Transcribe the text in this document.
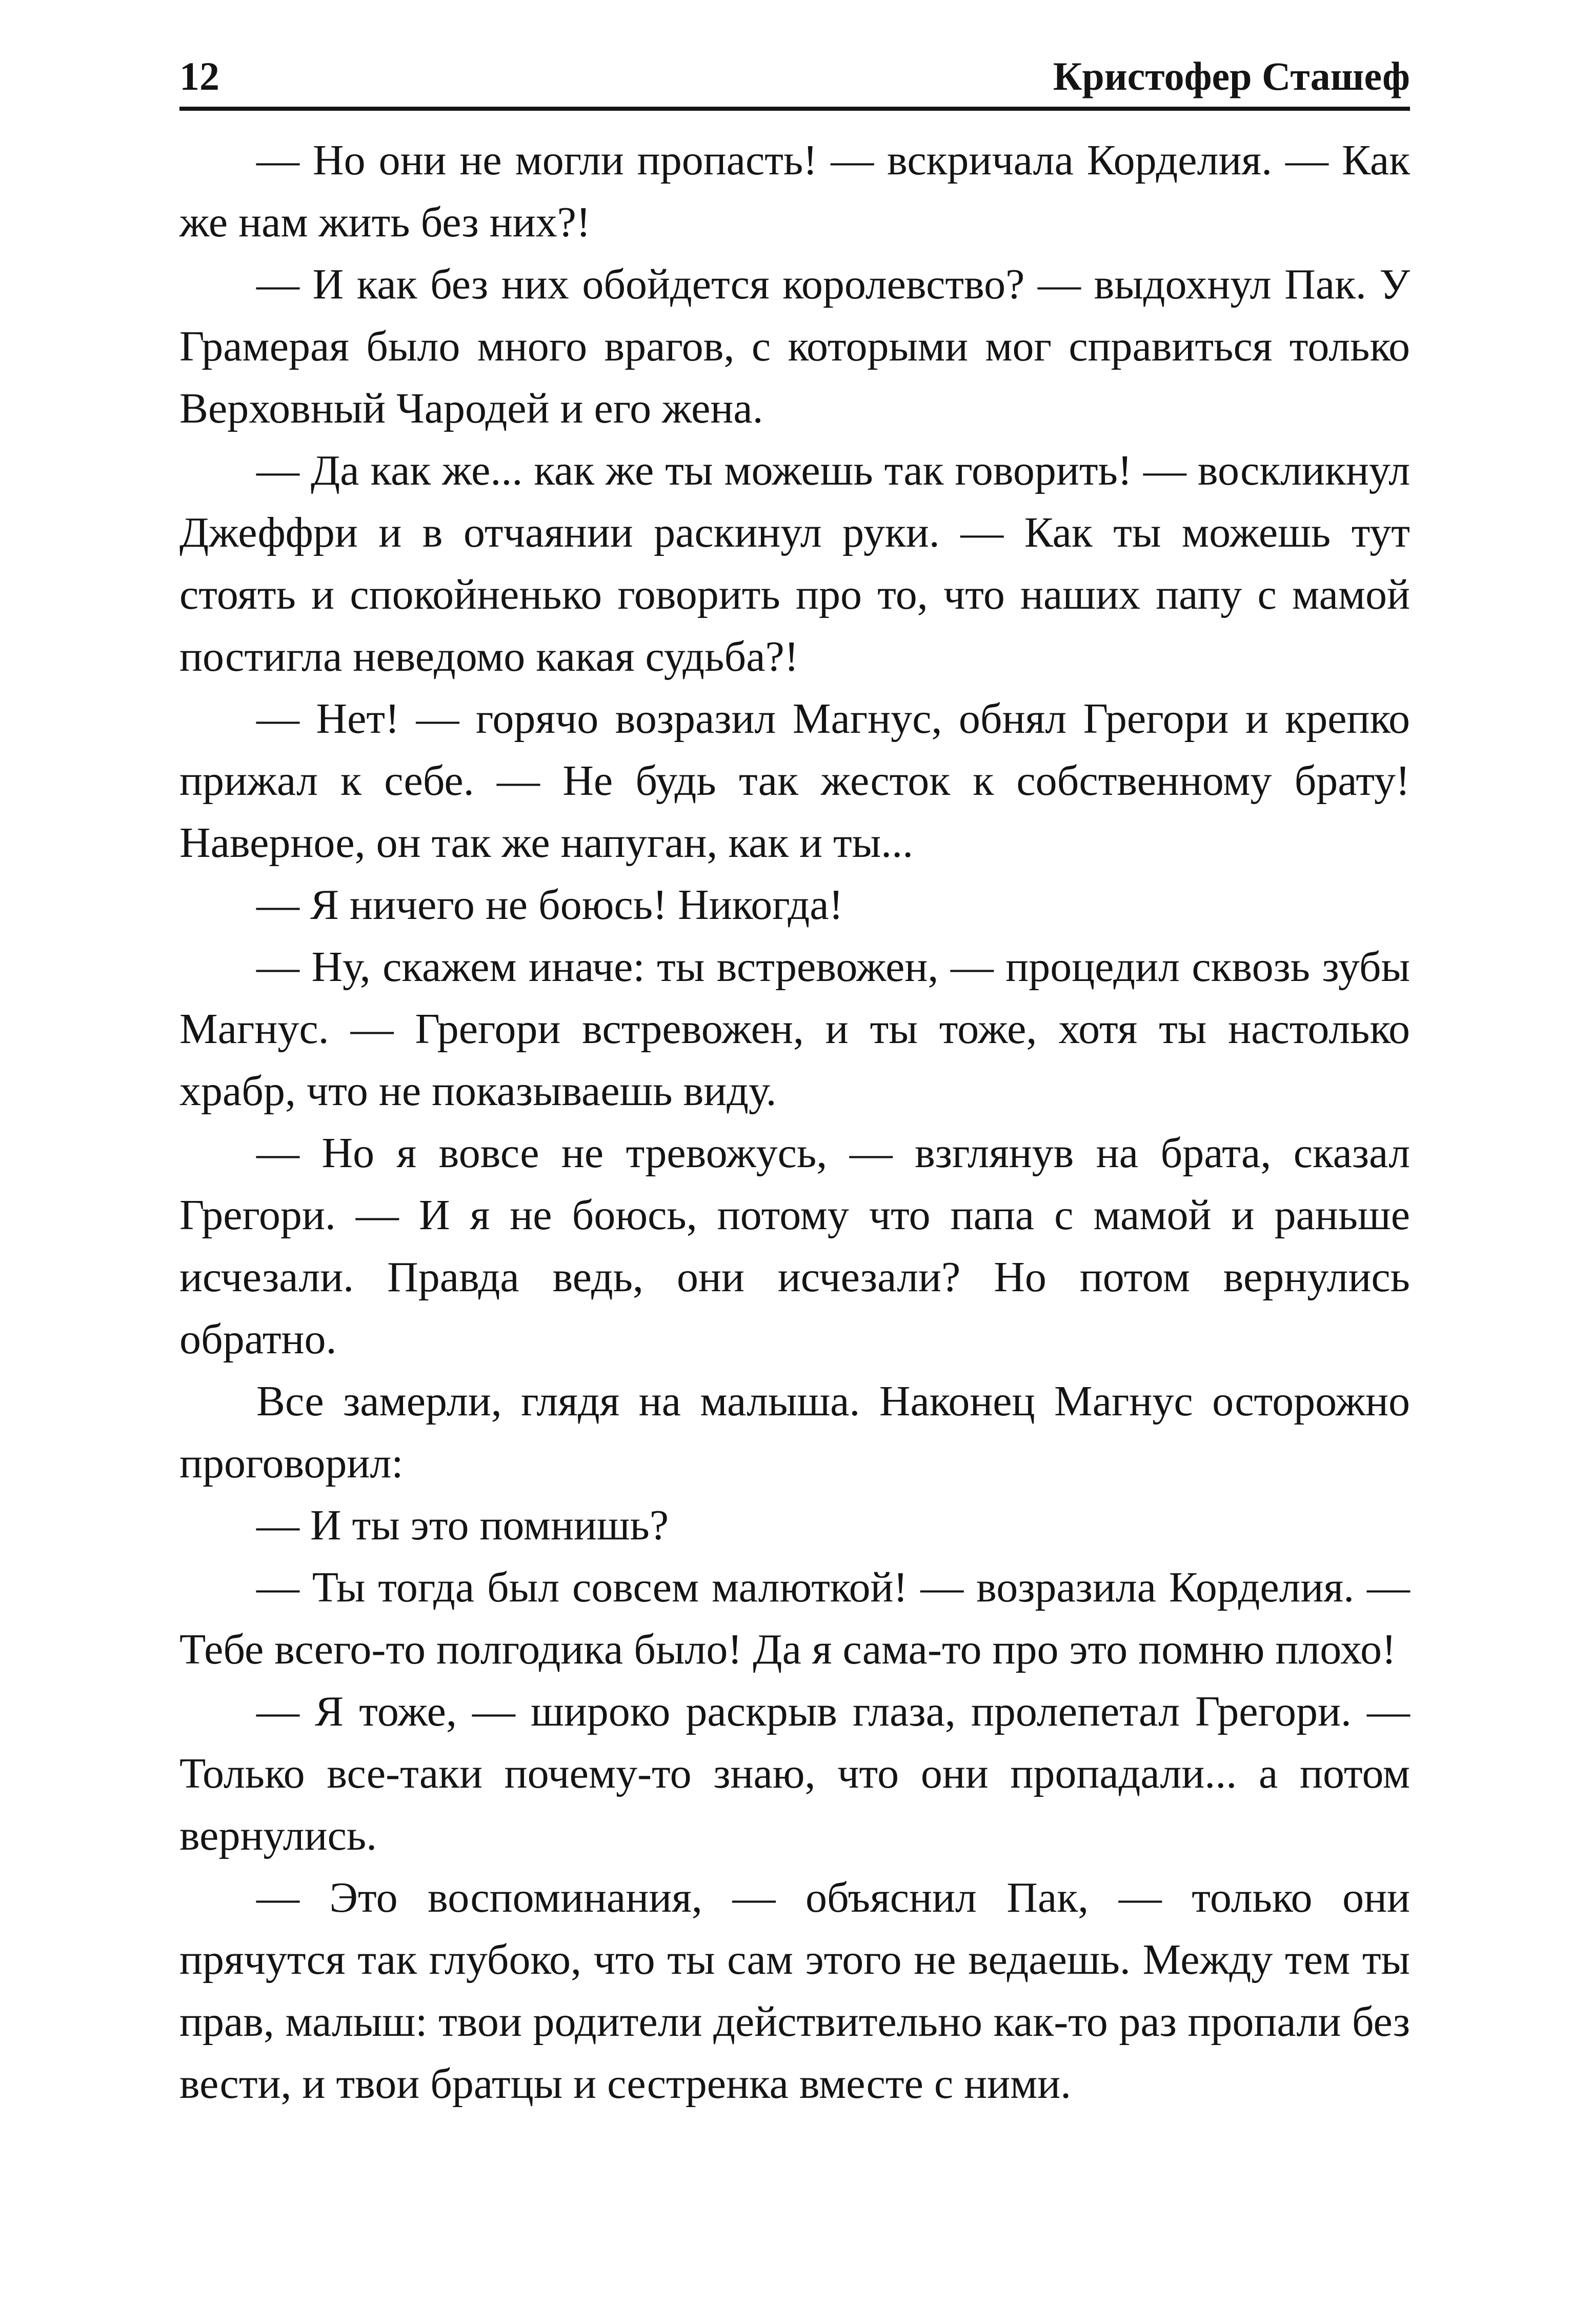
12	Кристофер Сташеф

— Но они не могли пропасть! — вскричала Корделия. — Как же нам жить без них?!

— И как без них обойдется королевство? — выдохнул Пак. У Грамерая было много врагов, с которыми мог справиться только Верховный Чародей и его жена.

— Да как же... как же ты можешь так говорить! — воскликнул Джеффри и в отчаянии раскинул руки. — Как ты можешь тут стоять и спокойненько говорить про то, что наших папу с мамой постигла неведомо какая судьба?!

— Нет! — горячо возразил Магнус, обнял Грегори и крепко прижал к себе. — Не будь так жесток к собственному брату! Наверное, он так же напуган, как и ты...

— Я ничего не боюсь! Никогда!

— Ну, скажем иначе: ты встревожен, — процедил сквозь зубы Магнус. — Грегори встревожен, и ты тоже, хотя ты настолько храбр, что не показываешь виду.

— Но я вовсе не тревожусь, — взглянув на брата, сказал Грегори. — И я не боюсь, потому что папа с мамой и раньше исчезали. Правда ведь, они исчезали? Но потом вернулись обратно.

Все замерли, глядя на малыша. Наконец Магнус осторожно проговорил:

— И ты это помнишь?

— Ты тогда был совсем малюткой! — возразила Корделия. — Тебе всего-то полгодика было! Да я сама-то про это помню плохо!

— Я тоже, — широко раскрыв глаза, пролепетал Грегори. — Только все-таки почему-то знаю, что они пропадали... а потом вернулись.

— Это воспоминания, — объяснил Пак, — только они прячутся так глубоко, что ты сам этого не ведаешь. Между тем ты прав, малыш: твои родители действительно как-то раз пропали без вести, и твои братцы и сестренка вместе с ними.
